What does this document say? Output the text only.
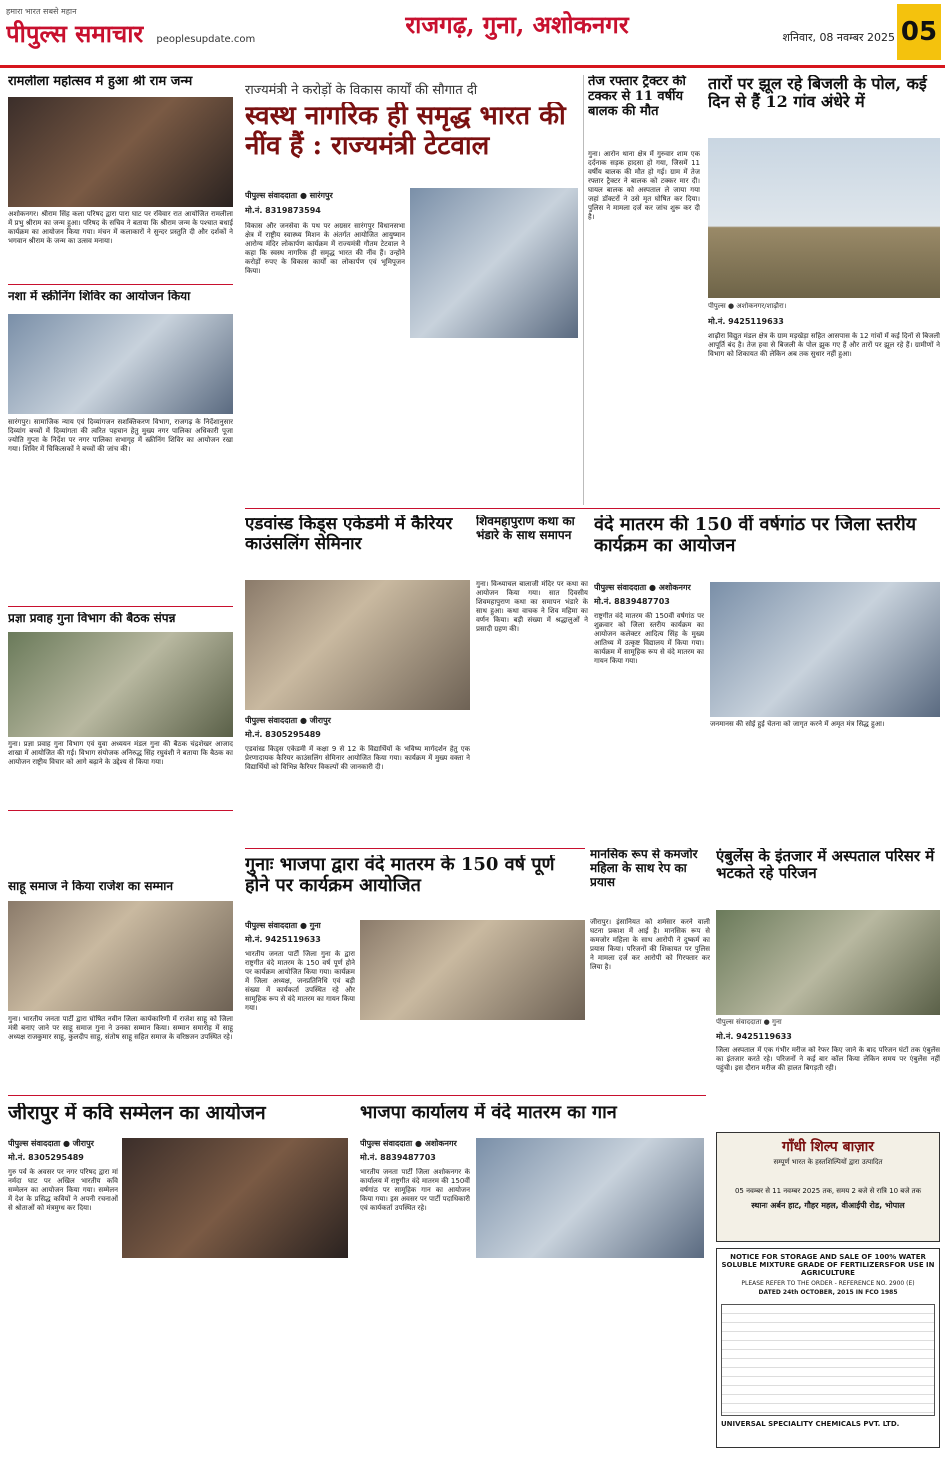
हमारा भारत सबसे महान
पीपुल्स समाचार peoplesupdate.com
राजगढ़, गुना, अशोकनगर	शनिवार, 08 नवम्बर 2025 05
रामलीला महोत्सव में हुआ श्री राम जन्म
अशोकनगर। श्रीराम सिंह कला परिषद द्वारा पारा घाट पर रविवार रात आयोजित रामलीला में प्रभु श्रीराम का जन्म हुआ। परिषद के सचिव ने बताया कि श्रीराम जन्म के पश्चात बधाई कार्यक्रम का आयोजन किया गया। मंचन में कलाकारों ने सुन्दर प्रस्तुति दी और दर्शकों ने भगवान श्रीराम के जन्म का उत्सव मनाया।
नशा में स्क्रीनिंग शिविर का आयोजन किया
सारंगपुर। सामाजिक न्याय एवं दिव्यांगजन सशक्तिकरण विभाग, राजगढ़ के निर्देशानुसार दिव्यांग बच्चों में दिव्यांगता की त्वरित पहचान हेतु मुख्य नगर पालिका अधिकारी पूजा ज्योति गुप्ता के निर्देश पर नगर पालिका सभागृह में स्क्रीनिंग शिविर का आयोजन रखा गया। शिविर में चिकित्सकों ने बच्चों की जांच की।
प्रज्ञा प्रवाह गुना विभाग की बैठक संपन्न
गुना। प्रज्ञा प्रवाह गुना विभाग एवं युवा अध्ययन मंडल गुना की बैठक चंद्रशेखर आजाद शाखा में आयोजित की गई। विभाग संयोजक अनिरुद्ध सिंह रघुवंशी ने बताया कि बैठक का आयोजन राष्ट्रीय विचार को आगे बढ़ाने के उद्देश्य से किया गया।
साहू समाज ने किया राजेश का सम्मान
गुना। भारतीय जनता पार्टी द्वारा घोषित नवीन जिला कार्यकारिणी में राजेश साहू को जिला मंत्री बनाए जाने पर साहू समाज गुना ने उनका सम्मान किया। सम्मान समारोह में साहू अध्यक्ष राजकुमार साहू, कुलदीप साहू, संतोष साहू सहित समाज के वरिष्ठजन उपस्थित रहे।
राज्यमंत्री ने करोड़ों के विकास कार्यों की सौगात दी
स्वस्थ नागरिक ही समृद्ध भारत की नींव हैं : राज्यमंत्री टेटवाल
पीपुल्स संवाददाता ● सारंगपुर
मो.नं. 8319873594
विकास और जनसेवा के पथ पर अग्रसर सारंगपुर विधानसभा क्षेत्र में राष्ट्रीय स्वास्थ्य मिशन के अंतर्गत आयोजित आयुष्मान आरोग्य मंदिर लोकार्पण कार्यक्रम में राज्यमंत्री गौतम टेटवाल ने कहा कि स्वस्थ नागरिक ही समृद्ध भारत की नींव हैं। उन्होंने करोड़ों रुपए के विकास कार्यों का लोकार्पण एवं भूमिपूजन किया।
तेज रफ्तार ट्रैक्टर की टक्कर से 11 वर्षीय बालक की मौत
गुना। आरोन थाना क्षेत्र में गुरुवार शाम एक दर्दनाक सड़क हादसा हो गया, जिसमें 11 वर्षीय बालक की मौत हो गई। ग्राम में तेज रफ्तार ट्रैक्टर ने बालक को टक्कर मार दी। घायल बालक को अस्पताल ले जाया गया जहां डॉक्टरों ने उसे मृत घोषित कर दिया। पुलिस ने मामला दर्ज कर जांच शुरू कर दी है।
तारों पर झूल रहे बिजली के पोल, कई दिन से हैं 12 गांव अंधेरे में
पीपुल्स ● अशोकनगर/शाढ़ौरा।
मो.नं. 9425119633
शाढ़ौरा विद्युत मंडल क्षेत्र के ग्राम मड़खेड़ा सहित आसपास के 12 गांवों में कई दिनों से बिजली आपूर्ति बंद है। तेज हवा से बिजली के पोल झुक गए हैं और तारों पर झूल रहे हैं। ग्रामीणों ने विभाग को शिकायत की लेकिन अब तक सुधार नहीं हुआ।
एडवांस्ड किड्स एकेडमी में कैरियर काउंसलिंग सेमिनार
पीपुल्स संवाददाता ● जीरापुर
मो.नं. 8305295489
एडवांस्ड किड्स एकेडमी में कक्षा 9 से 12 के विद्यार्थियों के भविष्य मार्गदर्शन हेतु एक प्रेरणादायक कैरियर काउंसलिंग सेमिनार आयोजित किया गया। कार्यक्रम में मुख्य वक्ता ने विद्यार्थियों को विभिन्न कैरियर विकल्पों की जानकारी दी।
शिवमहापुराण कथा का भंडारे के साथ समापन
गुना। विन्ध्याचल बालाजी मंदिर पर कथा का आयोजन किया गया। सात दिवसीय शिवमहापुराण कथा का समापन भंडारे के साथ हुआ। कथा वाचक ने शिव महिमा का वर्णन किया। बड़ी संख्या में श्रद्धालुओं ने प्रसादी ग्रहण की।
वंदे मातरम की 150 वीं वर्षगांठ पर जिला स्तरीय कार्यक्रम का आयोजन
पीपुल्स संवाददाता ● अशोकनगर
मो.नं. 8839487703
राष्ट्रगीत वंदे मातरम की 150वीं वर्षगांठ पर शुक्रवार को जिला स्तरीय कार्यक्रम का आयोजन कलेक्टर आदित्य सिंह के मुख्य आतिथ्य में उत्कृष्ट विद्यालय में किया गया। कार्यक्रम में सामूहिक रूप से वंदे मातरम का गायन किया गया।
जनमानस की सोई हुई चेतना को जागृत करने में अमृत मंत्र सिद्ध हुआ।
गुनाः भाजपा द्वारा वंदे मातरम के 150 वर्ष पूर्ण होने पर कार्यक्रम आयोजित
पीपुल्स संवाददाता ● गुना
मो.नं. 9425119633
भारतीय जनता पार्टी जिला गुना के द्वारा राष्ट्रगीत वंदे मातरम के 150 वर्ष पूर्ण होने पर कार्यक्रम आयोजित किया गया। कार्यक्रम में जिला अध्यक्ष, जनप्रतिनिधि एवं बड़ी संख्या में कार्यकर्ता उपस्थित रहे और सामूहिक रूप से वंदे मातरम का गायन किया गया।
मानसिक रूप से कमजोर महिला के साथ रेप का प्रयास
जीरापुर। इंसानियत को शर्मसार करने वाली घटना प्रकाश में आई है। मानसिक रूप से कमजोर महिला के साथ आरोपी ने दुष्कर्म का प्रयास किया। परिजनों की शिकायत पर पुलिस ने मामला दर्ज कर आरोपी को गिरफ्तार कर लिया है।
एंबुलेंस के इंतजार में अस्पताल परिसर में भटकते रहे परिजन
पीपुल्स संवाददाता ● गुना
मो.नं. 9425119633
जिला अस्पताल में एक गंभीर मरीज को रेफर किए जाने के बाद परिजन घंटों तक एंबुलेंस का इंतजार करते रहे। परिजनों ने कई बार कॉल किया लेकिन समय पर एंबुलेंस नहीं पहुंची। इस दौरान मरीज की हालत बिगड़ती रही।
जीरापुर में कवि सम्मेलन का आयोजन
पीपुल्स संवाददाता ● जीरापुर
मो.नं. 8305295489
गुरु पर्व के अवसर पर नगर परिषद द्वारा मां नर्मदा घाट पर अखिल भारतीय कवि सम्मेलन का आयोजन किया गया। सम्मेलन में देश के प्रसिद्ध कवियों ने अपनी रचनाओं से श्रोताओं को मंत्रमुग्ध कर दिया।
भाजपा कार्यालय में वंदे मातरम का गान
पीपुल्स संवाददाता ● अशोकनगर
मो.नं. 8839487703
भारतीय जनता पार्टी जिला अशोकनगर के कार्यालय में राष्ट्रगीत वंदे मातरम की 150वीं वर्षगांठ पर सामूहिक गान का आयोजन किया गया। इस अवसर पर पार्टी पदाधिकारी एवं कार्यकर्ता उपस्थित रहे।
गाँधी शिल्प बाज़ार
सम्पूर्ण भारत के हस्तशिल्पियों द्वारा उत्पादित
05 नवम्बर से 11 नवम्बर 2025 तक, समय 2 बजे से रात्रि 10 बजे तक
स्थानः अर्बन हाट, गौहर महल, वीआईपी रोड, भोपाल
NOTICE FOR STORAGE AND SALE OF 100% WATER SOLUBLE MIXTURE GRADE OF FERTILIZERSFOR USE IN AGRICULTURE
PLEASE REFER TO THE ORDER - REFERENCE NO. 2900 (E)
DATED 24th OCTOBER, 2015 IN FCO 1985
UNIVERSAL SPECIALITY CHEMICALS PVT. LTD.
